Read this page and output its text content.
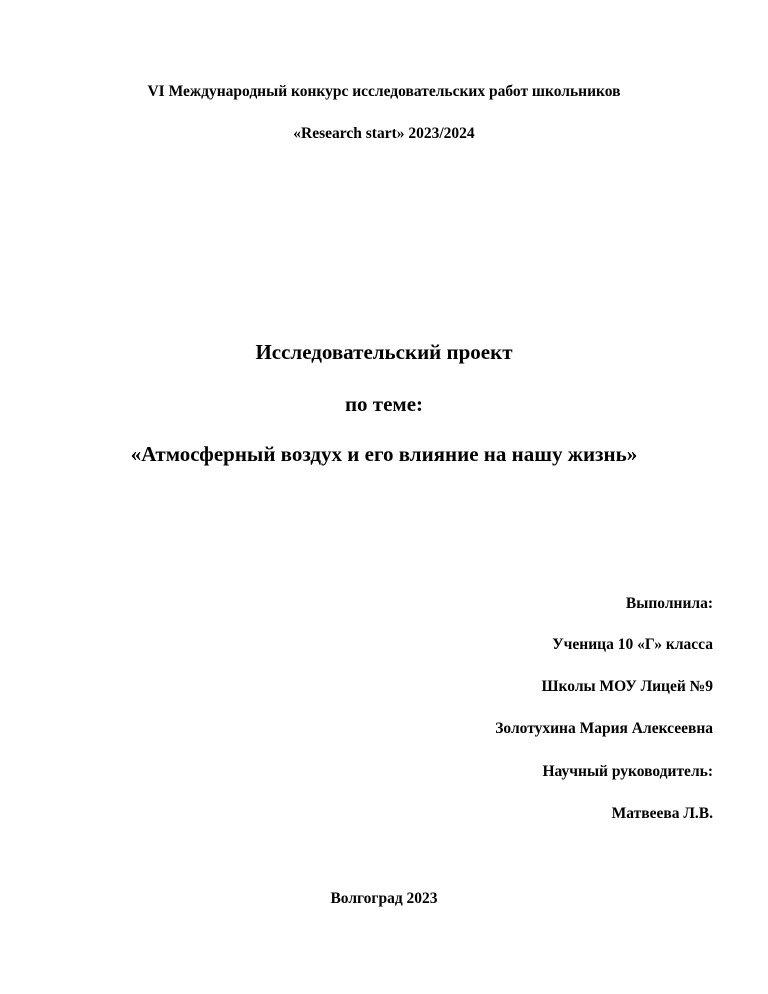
VI Международный конкурс исследовательских работ школьников
«Research start» 2023/2024
Исследовательский проект
по теме:
«Атмосферный воздух и его влияние на нашу жизнь»
Выполнила:
Ученица 10 «Г» класса
Школы МОУ Лицей №9
Золотухина Мария Алексеевна
Научный руководитель:
Матвеева Л.В.
Волгоград 2023
